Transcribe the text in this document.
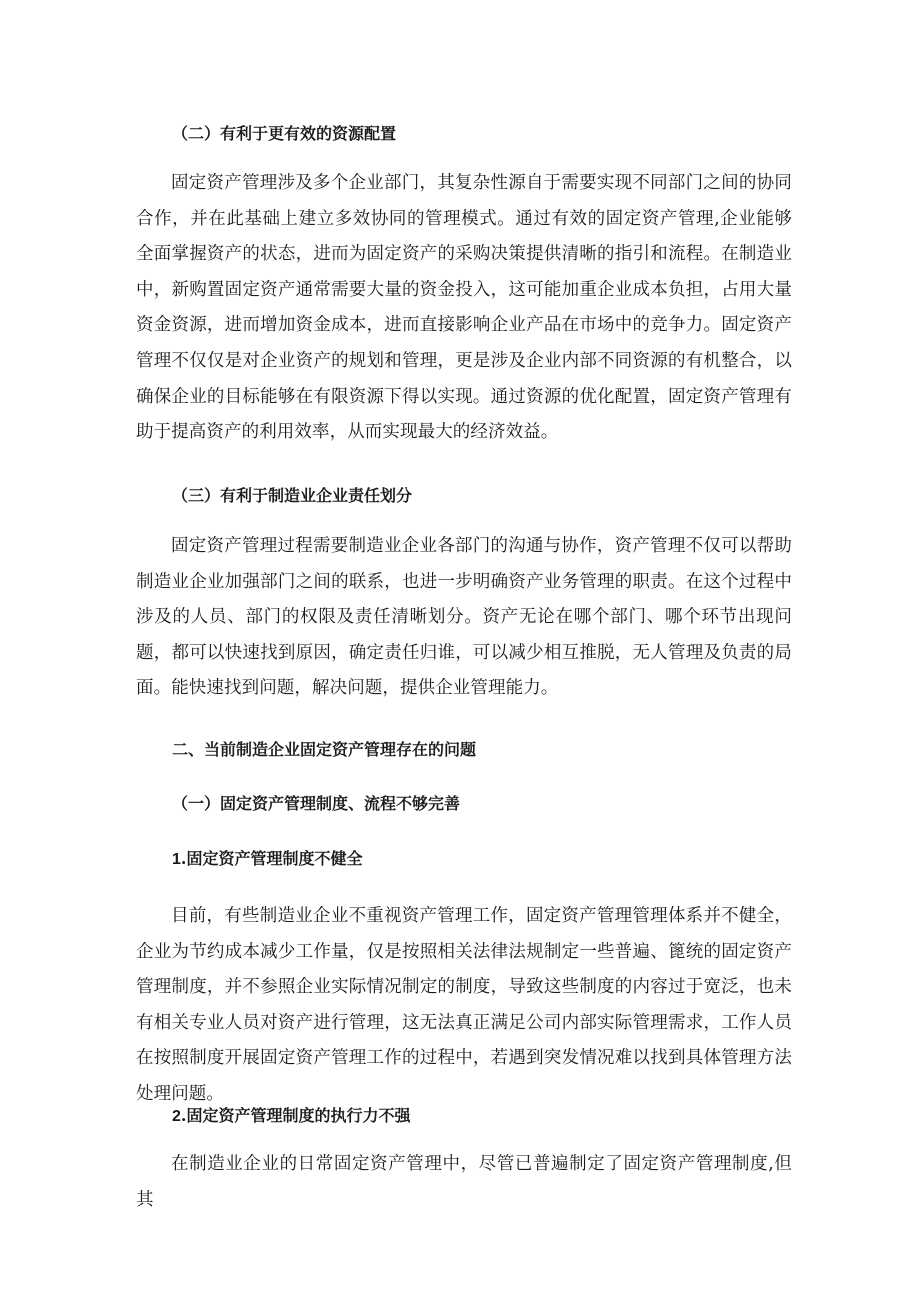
（二）有利于更有效的资源配置

固定资产管理涉及多个企业部门，其复杂性源自于需要实现不同部门之间的协同合作，并在此基础上建立多效协同的管理模式。通过有效的固定资产管理,企业能够全面掌握资产的状态，进而为固定资产的采购决策提供清晰的指引和流程。在制造业中，新购置固定资产通常需要大量的资金投入，这可能加重企业成本负担，占用大量资金资源，进而增加资金成本，进而直接影响企业产品在市场中的竞争力。固定资产管理不仅仅是对企业资产的规划和管理，更是涉及企业内部不同资源的有机整合，以确保企业的目标能够在有限资源下得以实现。通过资源的优化配置，固定资产管理有助于提高资产的利用效率，从而实现最大的经济效益。

（三）有利于制造业企业责任划分

固定资产管理过程需要制造业企业各部门的沟通与协作，资产管理不仅可以帮助制造业企业加强部门之间的联系，也进一步明确资产业务管理的职责。在这个过程中涉及的人员、部门的权限及责任清晰划分。资产无论在哪个部门、哪个环节出现问题，都可以快速找到原因，确定责任归谁，可以减少相互推脱，无人管理及负责的局面。能快速找到问题，解决问题，提供企业管理能力。

二、当前制造企业固定资产管理存在的问题
（一）固定资产管理制度、流程不够完善
1.固定资产管理制度不健全

目前，有些制造业企业不重视资产管理工作，固定资产管理管理体系并不健全，企业为节约成本减少工作量，仅是按照相关法律法规制定一些普遍、篦统的固定资产管理制度，并不参照企业实际情况制定的制度，导致这些制度的内容过于宽泛，也未有相关专业人员对资产进行管理，这无法真正满足公司内部实际管理需求，工作人员在按照制度开展固定资产管理工作的过程中，若遇到突发情况难以找到具体管理方法处理问题。

2.固定资产管理制度的执行力不强

在制造业企业的日常固定资产管理中，尽管已普遍制定了固定资产管理制度,但其
